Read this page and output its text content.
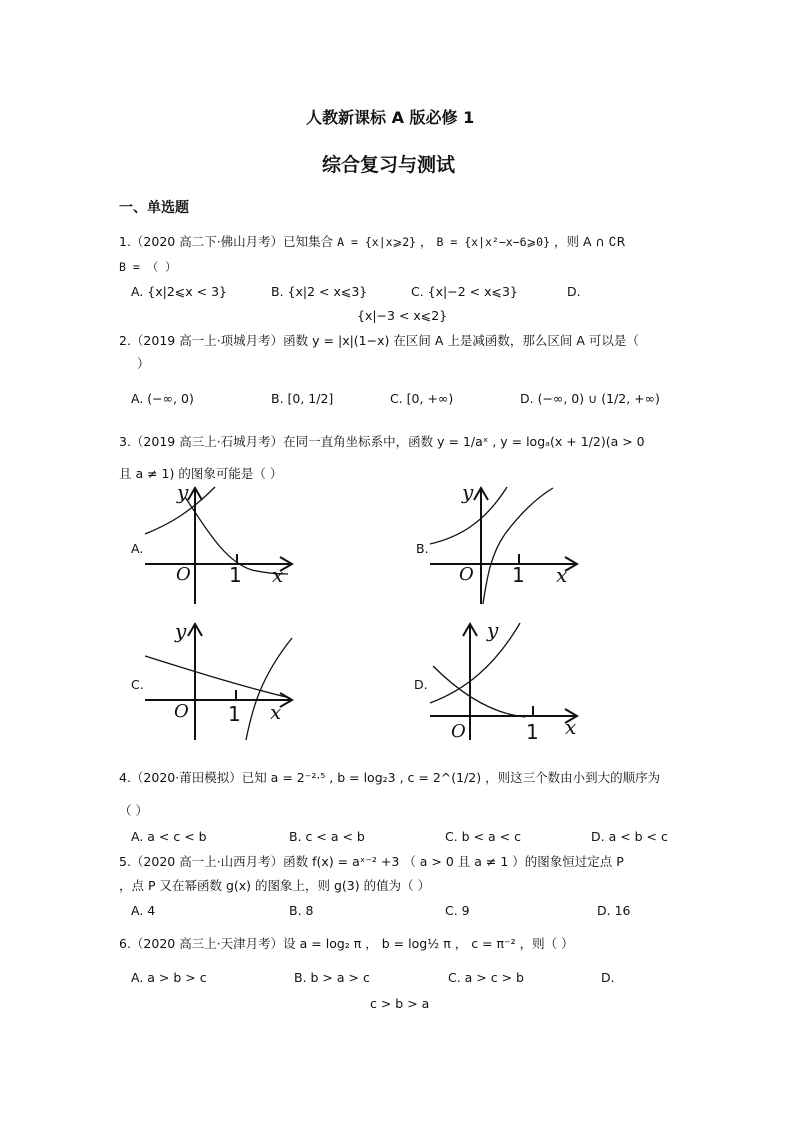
人教新课标 A 版必修 1
综合复习与测试
一、单选题
1.（2020 高二下·佛山月考）已知集合 A = {x|x⩾2} ， B = {x|x²−x−6⩾0} ，则 A ∩ ∁R
B = （ ）
A. {x|2⩽x < 3}	B. {x|2 < x⩽3}	C. {x|−2 < x⩽3}	D.
{x|−3 < x⩽2}
2.（2019 高一上·项城月考）函数 y = |x|(1−x) 在区间 A 上是减函数，那么区间 A 可以是（
）
A. (−∞, 0)	B. [0, 1/2]	C. [0, +∞)	D. (−∞, 0) ∪ (1/2, +∞)
3.（2019 高三上·石城月考）在同一直角坐标系中，函数 y = 1/aˣ , y = logₐ(x + 1/2)(a > 0
且 a ≠ 1) 的图象可能是（ ）
A.	B.
C.	D.
y
O 1 x
y
O 1 x
y
O 1 x
y
O	1 x
4.（2020·莆田模拟）已知 a = 2⁻²·⁵ , b = log₂3 , c = 2^(1/2) ，则这三个数由小到大的顺序为
（ ）
A. a < c < b	B. c < a < b	C. b < a < c	D. a < b < c
5.（2020 高一上·山西月考）函数 f(x) = aˣ⁻² +3 （ a > 0 且 a ≠ 1 ）的图象恒过定点 P
，点 P 又在幂函数 g(x) 的图象上，则 g(3) 的值为（ ）
A. 4	B. 8	C. 9	D. 16
6.（2020 高三上·天津月考）设 a = log₂ π ， b = log½ π ， c = π⁻² ，则（ ）
A. a > b > c	B. b > a > c	C. a > c > b	D.
c > b > a
